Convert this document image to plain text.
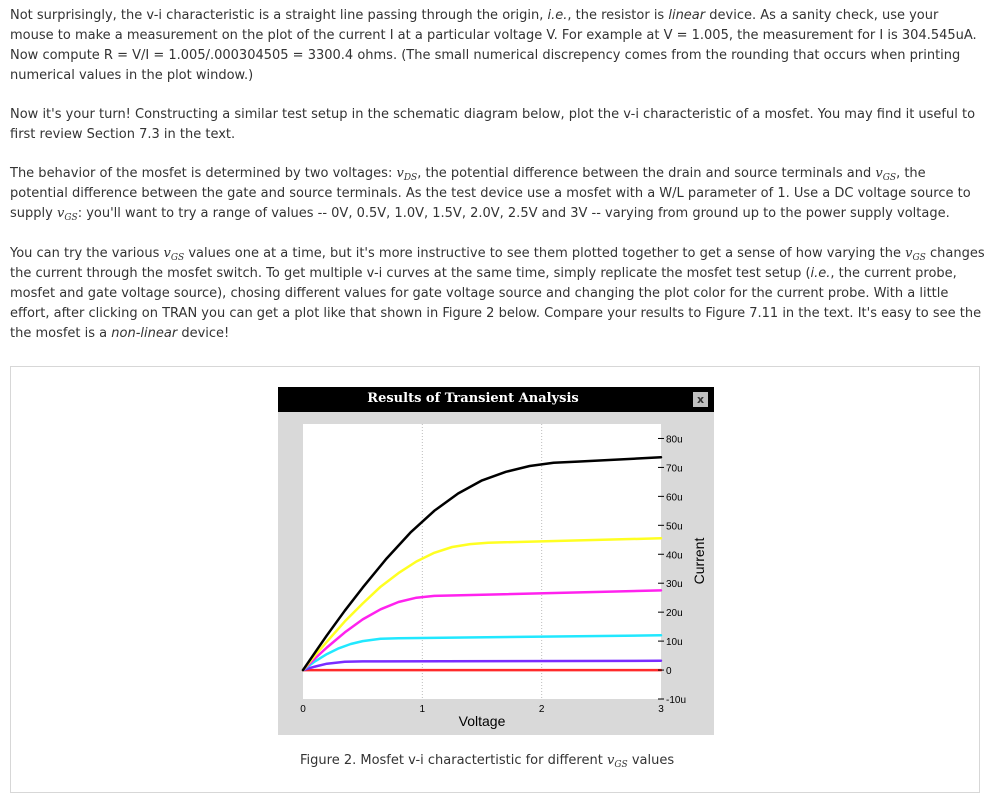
Not surprisingly, the v-i characteristic is a straight line passing through the origin, i.e., the resistor is linear device. As a sanity check, use your mouse to make a measurement on the plot of the current I at a particular voltage V. For example at V = 1.005, the measurement for I is 304.545uA. Now compute R = V/I = 1.005/.000304505 = 3300.4 ohms. (The small numerical discrepency comes from the rounding that occurs when printing numerical values in the plot window.)

Now it's your turn! Constructing a similar test setup in the schematic diagram below, plot the v-i characteristic of a mosfet. You may find it useful to first review Section 7.3 in the text.

The behavior of the mosfet is determined by two voltages: $v_{DS}$, the potential difference between the drain and source terminals and $v_{GS}$, the potential difference between the gate and source terminals. As the test device use a mosfet with a W/L parameter of 1. Use a DC voltage source to supply $v_{GS}$: you'll want to try a range of values -- 0V, 0.5V, 1.0V, 1.5V, 2.0V, 2.5V and 3V -- varying from ground up to the power supply voltage.

You can try the various $v_{GS}$ values one at a time, but it's more instructive to see them plotted together to get a sense of how varying the $v_{GS}$ changes the current through the mosfet switch. To get multiple v-i curves at the same time, simply replicate the mosfet test setup (i.e., the current probe, mosfet and gate voltage source), chosing different values for gate voltage source and changing the plot color for the current probe. With a little effort, after clicking on TRAN you can get a plot like that shown in Figure 2 below. Compare your results to Figure 7.11 in the text. It's easy to see the the mosfet is a non-linear device!

Results of Transient Analysis	x
-10u
0
10u
20u
30u
40u
50u
60u
70u
80u
0	1	2	3
Voltage
Current
Figure 2. Mosfet v-i charactertistic for different $v_{GS}$ values
